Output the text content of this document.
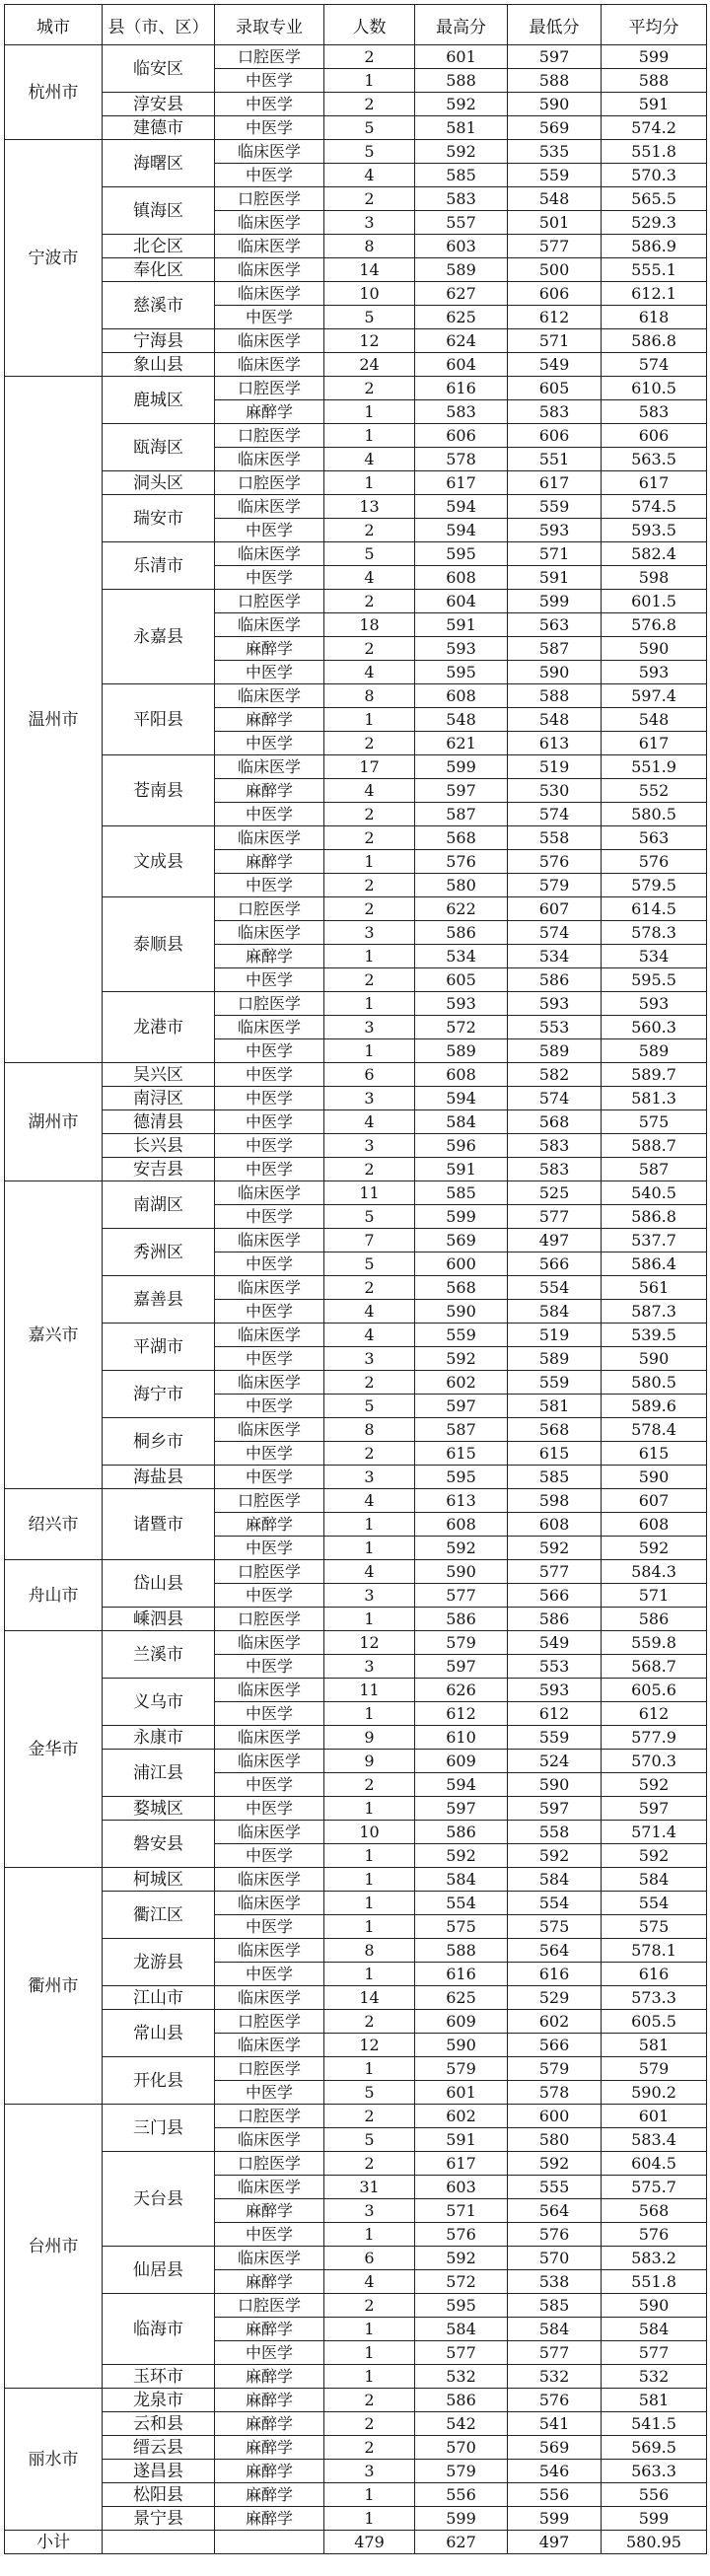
城市	县（市、区）	录取专业	人数	最高分	最低分	平均分
杭州市	临安区	口腔医学	2	601	597	599
		中医学	1	588	588	588
	淳安县	中医学	2	592	590	591
	建德市	中医学	5	581	569	574.2
宁波市	海曙区	临床医学	5	592	535	551.8
		中医学	4	585	559	570.3
	镇海区	口腔医学	2	583	548	565.5
		临床医学	3	557	501	529.3
	北仑区	临床医学	8	603	577	586.9
	奉化区	临床医学	14	589	500	555.1
	慈溪市	临床医学	10	627	606	612.1
		中医学	5	625	612	618
	宁海县	临床医学	12	624	571	586.8
	象山县	临床医学	24	604	549	574
温州市	鹿城区	口腔医学	2	616	605	610.5
		麻醉学	1	583	583	583
	瓯海区	口腔医学	1	606	606	606
		临床医学	4	578	551	563.5
	洞头区	口腔医学	1	617	617	617
	瑞安市	临床医学	13	594	559	574.5
		中医学	2	594	593	593.5
	乐清市	临床医学	5	595	571	582.4
		中医学	4	608	591	598
	永嘉县	口腔医学	2	604	599	601.5
		临床医学	18	591	563	576.8
		麻醉学	2	593	587	590
		中医学	4	595	590	593
	平阳县	临床医学	8	608	588	597.4
		麻醉学	1	548	548	548
		中医学	2	621	613	617
	苍南县	临床医学	17	599	519	551.9
		麻醉学	4	597	530	552
		中医学	2	587	574	580.5
	文成县	临床医学	2	568	558	563
		麻醉学	1	576	576	576
		中医学	2	580	579	579.5
	泰顺县	口腔医学	2	622	607	614.5
		临床医学	3	586	574	578.3
		麻醉学	1	534	534	534
		中医学	2	605	586	595.5
	龙港市	口腔医学	1	593	593	593
		临床医学	3	572	553	560.3
		中医学	1	589	589	589
湖州市	吴兴区	中医学	6	608	582	589.7
	南浔区	中医学	3	594	574	581.3
	德清县	中医学	4	584	568	575
	长兴县	中医学	3	596	583	588.7
	安吉县	中医学	2	591	583	587
嘉兴市	南湖区	临床医学	11	585	525	540.5
		中医学	5	599	577	586.8
	秀洲区	临床医学	7	569	497	537.7
		中医学	5	600	566	586.4
	嘉善县	临床医学	2	568	554	561
		中医学	4	590	584	587.3
	平湖市	临床医学	4	559	519	539.5
		中医学	3	592	589	590
	海宁市	临床医学	2	602	559	580.5
		中医学	5	597	581	589.6
	桐乡市	临床医学	8	587	568	578.4
		中医学	2	615	615	615
	海盐县	中医学	3	595	585	590
绍兴市	诸暨市	口腔医学	4	613	598	607
		麻醉学	1	608	608	608
		中医学	1	592	592	592
舟山市	岱山县	口腔医学	4	590	577	584.3
		中医学	3	577	566	571
	嵊泗县	口腔医学	1	586	586	586
金华市	兰溪市	临床医学	12	579	549	559.8
		中医学	3	597	553	568.7
	义乌市	临床医学	11	626	593	605.6
		中医学	1	612	612	612
	永康市	临床医学	9	610	559	577.9
	浦江县	临床医学	9	609	524	570.3
		中医学	2	594	590	592
	婺城区	中医学	1	597	597	597
	磐安县	临床医学	10	586	558	571.4
		中医学	1	592	592	592
衢州市	柯城区	临床医学	1	584	584	584
	衢江区	临床医学	1	554	554	554
		中医学	1	575	575	575
	龙游县	临床医学	8	588	564	578.1
		中医学	1	616	616	616
	江山市	临床医学	14	625	529	573.3
	常山县	口腔医学	2	609	602	605.5
		临床医学	12	590	566	581
	开化县	口腔医学	1	579	579	579
		中医学	5	601	578	590.2
台州市	三门县	口腔医学	2	602	600	601
		临床医学	5	591	580	583.4
	天台县	口腔医学	2	617	592	604.5
		临床医学	31	603	555	575.7
		麻醉学	3	571	564	568
		中医学	1	576	576	576
	仙居县	临床医学	6	592	570	583.2
		麻醉学	4	572	538	551.8
	临海市	口腔医学	2	595	585	590
		麻醉学	1	584	584	584
		中医学	1	577	577	577
	玉环市	麻醉学	1	532	532	532
丽水市	龙泉市	麻醉学	2	586	576	581
	云和县	麻醉学	2	542	541	541.5
	缙云县	麻醉学	2	570	569	569.5
	遂昌县	麻醉学	3	579	546	563.3
	松阳县	麻醉学	1	556	556	556
	景宁县	麻醉学	1	599	599	599
小计			479	627	497	580.95
